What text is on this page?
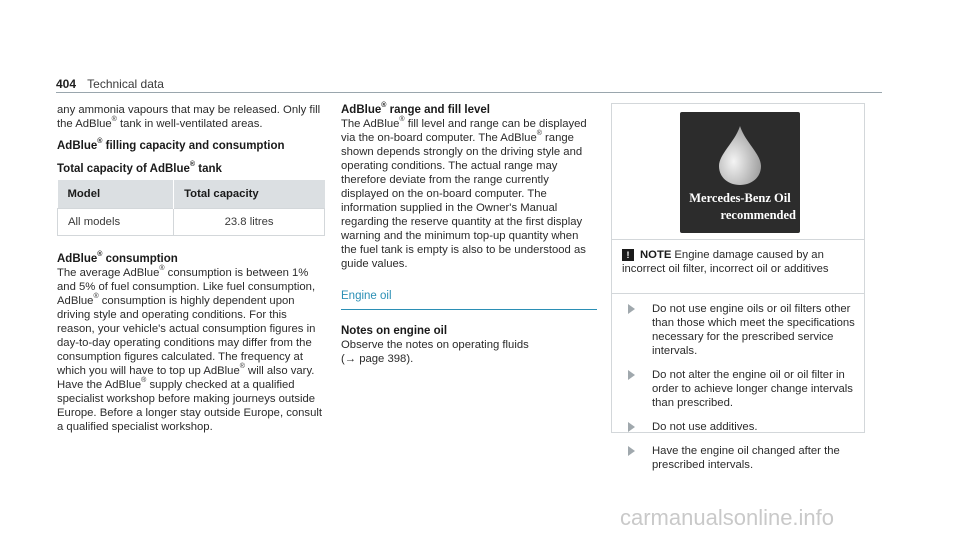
404 Technical data

any ammonia vapours that may be released. Only fill the AdBlue® tank in well-ventilated areas.

AdBlue® filling capacity and consumption

Total capacity of AdBlue® tank

Model	Total capacity
All models	23.8 litres

AdBlue® consumption

The average AdBlue® consumption is between 1% and 5% of fuel consumption. Like fuel consumption, AdBlue® consumption is highly dependent upon driving style and operating conditions. For this reason, your vehicle's actual consumption figures in day-to-day operating conditions may differ from the consumption figures calculated. The frequency at which you will have to top up AdBlue® will also vary. Have the AdBlue® supply checked at a qualified specialist workshop before making journeys outside Europe. Before a longer stay outside Europe, consult a qualified specialist workshop.

AdBlue® range and fill level

The AdBlue® fill level and range can be displayed via the on-board computer. The AdBlue® range shown depends strongly on the driving style and operating conditions. The actual range may therefore deviate from the range currently displayed on the on-board computer. The information supplied in the Owner's Manual regarding the reserve quantity at the first display warning and the minimum top-up quantity when the fuel tank is empty is also to be understood as guide values.

Engine oil

Notes on engine oil

Observe the notes on operating fluids
(→ page 398).

Mercedes-Benz Oil
recommended
! NOTE Engine damage caused by an incorrect oil filter, incorrect oil or additives
Do not use engine oils or oil filters other than those which meet the specifications necessary for the prescribed service intervals.
Do not alter the engine oil or oil filter in order to achieve longer change intervals than prescribed.
Do not use additives.
Have the engine oil changed after the prescribed intervals.
carmanualsonline.info
